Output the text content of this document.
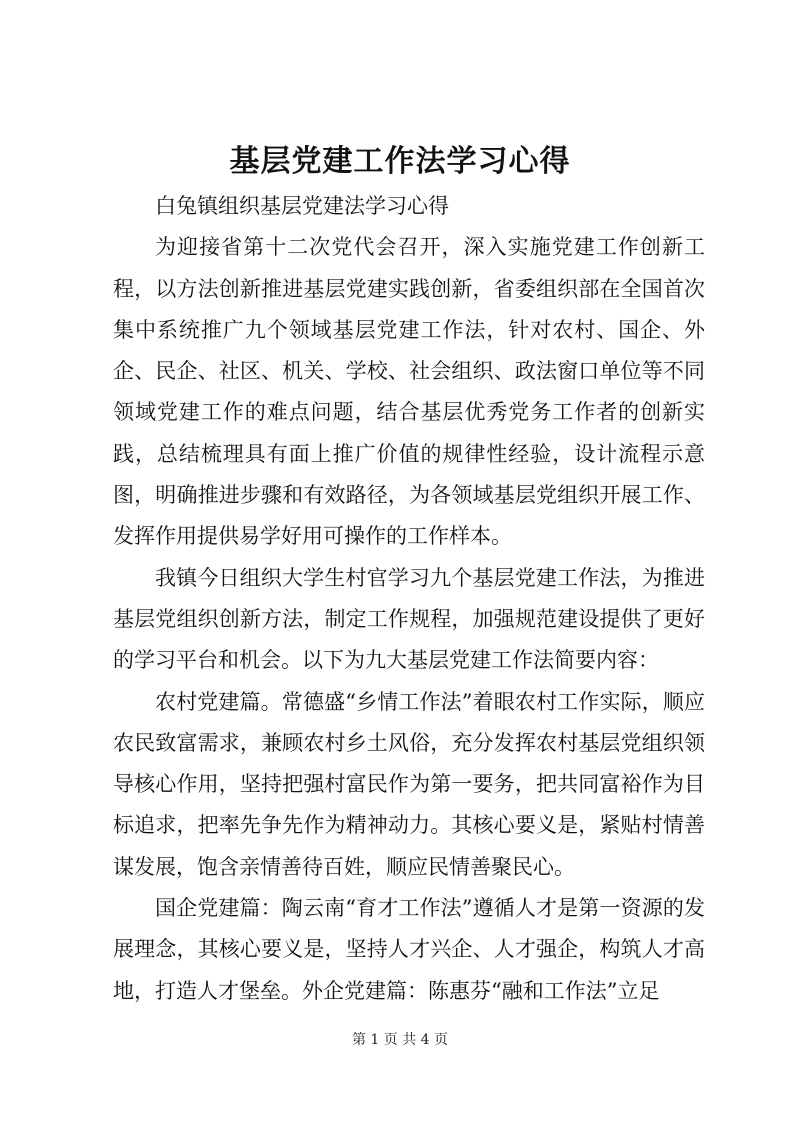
基层党建工作法学习心得

白兔镇组织基层党建法学习心得

为迎接省第十二次党代会召开，深入实施党建工作创新工程，以方法创新推进基层党建实践创新，省委组织部在全国首次集中系统推广九个领域基层党建工作法，针对农村、国企、外企、民企、社区、机关、学校、社会组织、政法窗口单位等不同领域党建工作的难点问题，结合基层优秀党务工作者的创新实践，总结梳理具有面上推广价值的规律性经验，设计流程示意图，明确推进步骤和有效路径，为各领域基层党组织开展工作、发挥作用提供易学好用可操作的工作样本。

我镇今日组织大学生村官学习九个基层党建工作法，为推进基层党组织创新方法，制定工作规程，加强规范建设提供了更好的学习平台和机会。以下为九大基层党建工作法简要内容：

农村党建篇。常德盛“乡情工作法”着眼农村工作实际，顺应农民致富需求，兼顾农村乡土风俗，充分发挥农村基层党组织领导核心作用，坚持把强村富民作为第一要务，把共同富裕作为目标追求，把率先争先作为精神动力。其核心要义是，紧贴村情善谋发展，饱含亲情善待百姓，顺应民情善聚民心。

国企党建篇：陶云南“育才工作法”遵循人才是第一资源的发展理念，其核心要义是，坚持人才兴企、人才强企，构筑人才高地，打造人才堡垒。外企党建篇：陈惠芬“融和工作法”立足

第 1 页 共 4 页
